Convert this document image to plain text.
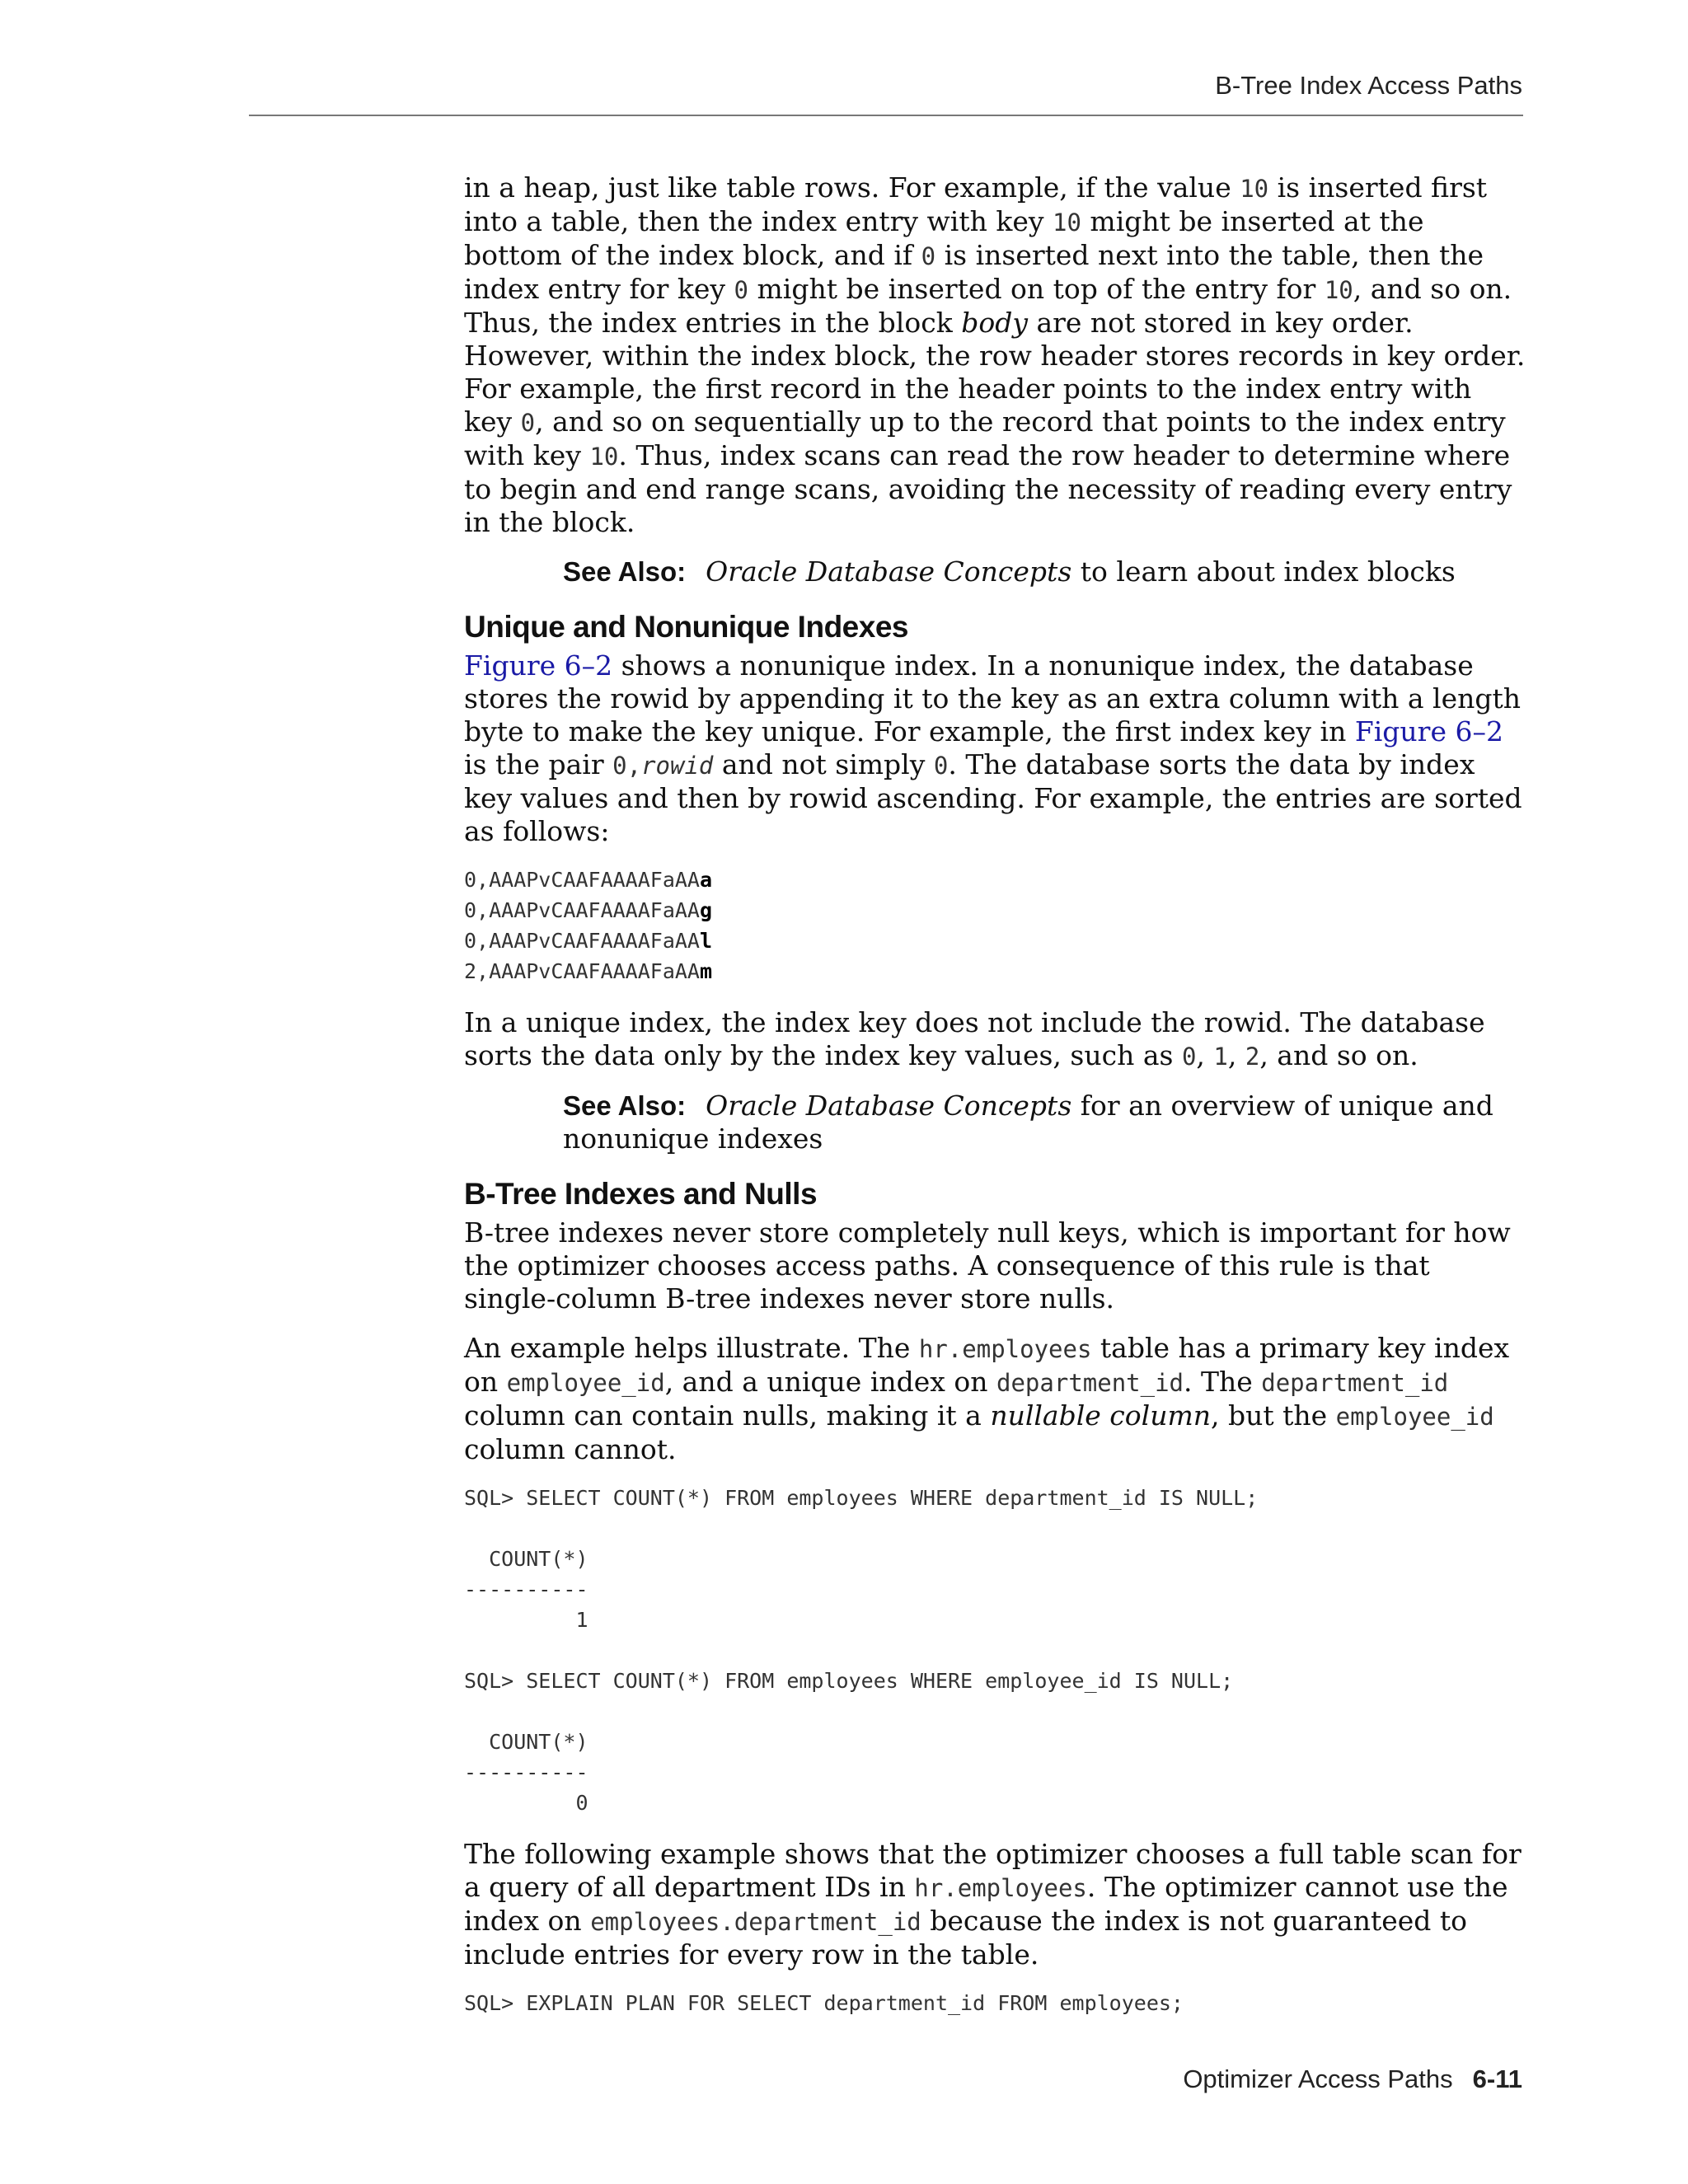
B-Tree Index Access Paths

in a heap, just like table rows. For example, if the value 10 is inserted first into a table, then the index entry with key 10 might be inserted at the bottom of the index block, and if 0 is inserted next into the table, then the index entry for key 0 might be inserted on top of the entry for 10, and so on. Thus, the index entries in the block body are not stored in key order. However, within the index block, the row header stores records in key order. For example, the first record in the header points to the index entry with key 0, and so on sequentially up to the record that points to the index entry with key 10. Thus, index scans can read the row header to determine where to begin and end range scans, avoiding the necessity of reading every entry in the block.

See Also: Oracle Database Concepts to learn about index blocks
Unique and Nonunique Indexes

Figure 6–2 shows a nonunique index. In a nonunique index, the database stores the rowid by appending it to the key as an extra column with a length byte to make the key unique. For example, the first index key in Figure 6–2 is the pair 0,rowid and not simply 0. The database sorts the data by index key values and then by rowid ascending. For example, the entries are sorted as follows:

0,AAAPvCAAFAAAAFaAAa
0,AAAPvCAAFAAAAFaAAg
0,AAAPvCAAFAAAAFaAAl
2,AAAPvCAAFAAAAFaAAm

In a unique index, the index key does not include the rowid. The database sorts the data only by the index key values, such as 0, 1, 2, and so on.

See Also: Oracle Database Concepts for an overview of unique and nonunique indexes
B-Tree Indexes and Nulls

B-tree indexes never store completely null keys, which is important for how the optimizer chooses access paths. A consequence of this rule is that single-column B-tree indexes never store nulls.

An example helps illustrate. The hr.employees table has a primary key index on employee_id, and a unique index on department_id. The department_id column can contain nulls, making it a nullable column, but the employee_id column cannot.

SQL> SELECT COUNT(*) FROM employees WHERE department_id IS NULL;

COUNT(*)
----------
1

SQL> SELECT COUNT(*) FROM employees WHERE employee_id IS NULL;

COUNT(*)
----------
0

The following example shows that the optimizer chooses a full table scan for a query of all department IDs in hr.employees. The optimizer cannot use the index on employees.department_id because the index is not guaranteed to include entries for every row in the table.

SQL> EXPLAIN PLAN FOR SELECT department_id FROM employees;
Optimizer Access Paths 6-11
